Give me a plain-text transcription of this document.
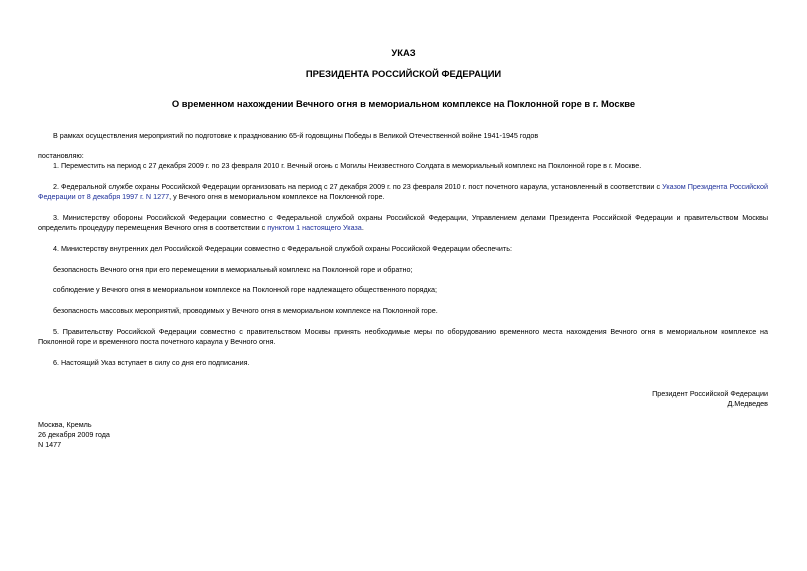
УКАЗ
ПРЕЗИДЕНТА РОССИЙСКОЙ ФЕДЕРАЦИИ
О временном нахождении Вечного огня в мемориальном комплексе на Поклонной горе в г. Москве
В рамках осуществления мероприятий по подготовке к празднованию 65-й годовщины Победы в Великой Отечественной войне 1941-1945 годов
постановляю:
1. Переместить на период с 27 декабря 2009 г. по 23 февраля 2010 г. Вечный огонь с Могилы Неизвестного Солдата в мемориальный комплекс на Поклонной горе в г. Москве.
2. Федеральной службе охраны Российской Федерации организовать на период с 27 декабря 2009 г. по 23 февраля 2010 г. пост почетного караула, установленный в соответствии с Указом Президента Российской Федерации от 8 декабря 1997 г. N 1277, у Вечного огня в мемориальном комплексе на Поклонной горе.
3. Министерству обороны Российской Федерации совместно с Федеральной службой охраны Российской Федерации, Управлением делами Президента Российской Федерации и правительством Москвы определить процедуру перемещения Вечного огня в соответствии с пунктом 1 настоящего Указа.
4. Министерству внутренних дел Российской Федерации совместно с Федеральной службой охраны Российской Федерации обеспечить:
безопасность Вечного огня при его перемещении в мемориальный комплекс на Поклонной горе и обратно;
соблюдение у Вечного огня в мемориальном комплексе на Поклонной горе надлежащего общественного порядка;
безопасность массовых мероприятий, проводимых у Вечного огня в мемориальном комплексе на Поклонной горе.
5. Правительству Российской Федерации совместно с правительством Москвы принять необходимые меры по оборудованию временного места нахождения Вечного огня в мемориальном комплексе на Поклонной горе и временного поста почетного караула у Вечного огня.
6. Настоящий Указ вступает в силу со дня его подписания.
Президент Российской Федерации
Д.Медведев
Москва, Кремль
26 декабря 2009 года
N 1477
